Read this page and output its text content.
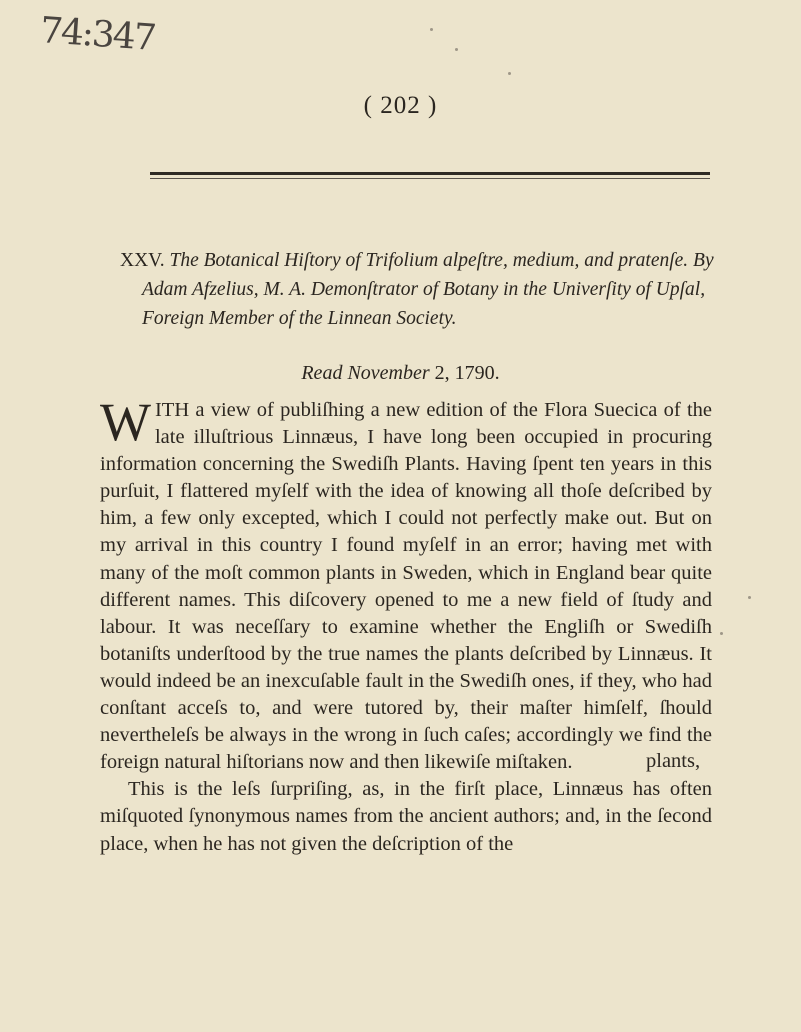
74:347
( 202 )

XXV. The Botanical Hiſtory of Trifolium alpeſtre, medium, and pratenſe. By Adam Afzelius, M. A. Demonſtrator of Botany in the Univerſity of Upſal, Foreign Member of the Linnean Society.

Read November 2, 1790.

WITH a view of publiſhing a new edition of the Flora Suecica of the late illuſtrious Linnæus, I have long been occupied in procuring information concerning the Swediſh Plants. Having ſpent ten years in this purſuit, I flattered myſelf with the idea of knowing all thoſe deſcribed by him, a few only excepted, which I could not perfectly make out. But on my arrival in this country I found myſelf in an error; having met with many of the moſt common plants in Sweden, which in England bear quite different names. This diſcovery opened to me a new field of ſtudy and labour. It was neceſſary to examine whether the Engliſh or Swediſh botaniſts underſtood by the true names the plants deſcribed by Linnæus. It would indeed be an inexcuſable fault in the Swediſh ones, if they, who had conſtant acceſs to, and were tutored by, their maſter himſelf, ſhould nevertheleſs be always in the wrong in ſuch caſes; accordingly we find the foreign natural hiſtorians now and then likewiſe miſtaken.

This is the leſs ſurpriſing, as, in the firſt place, Linnæus has often miſquoted ſynonymous names from the ancient authors; and, in the ſecond place, when he has not given the deſcription of the

plants,
